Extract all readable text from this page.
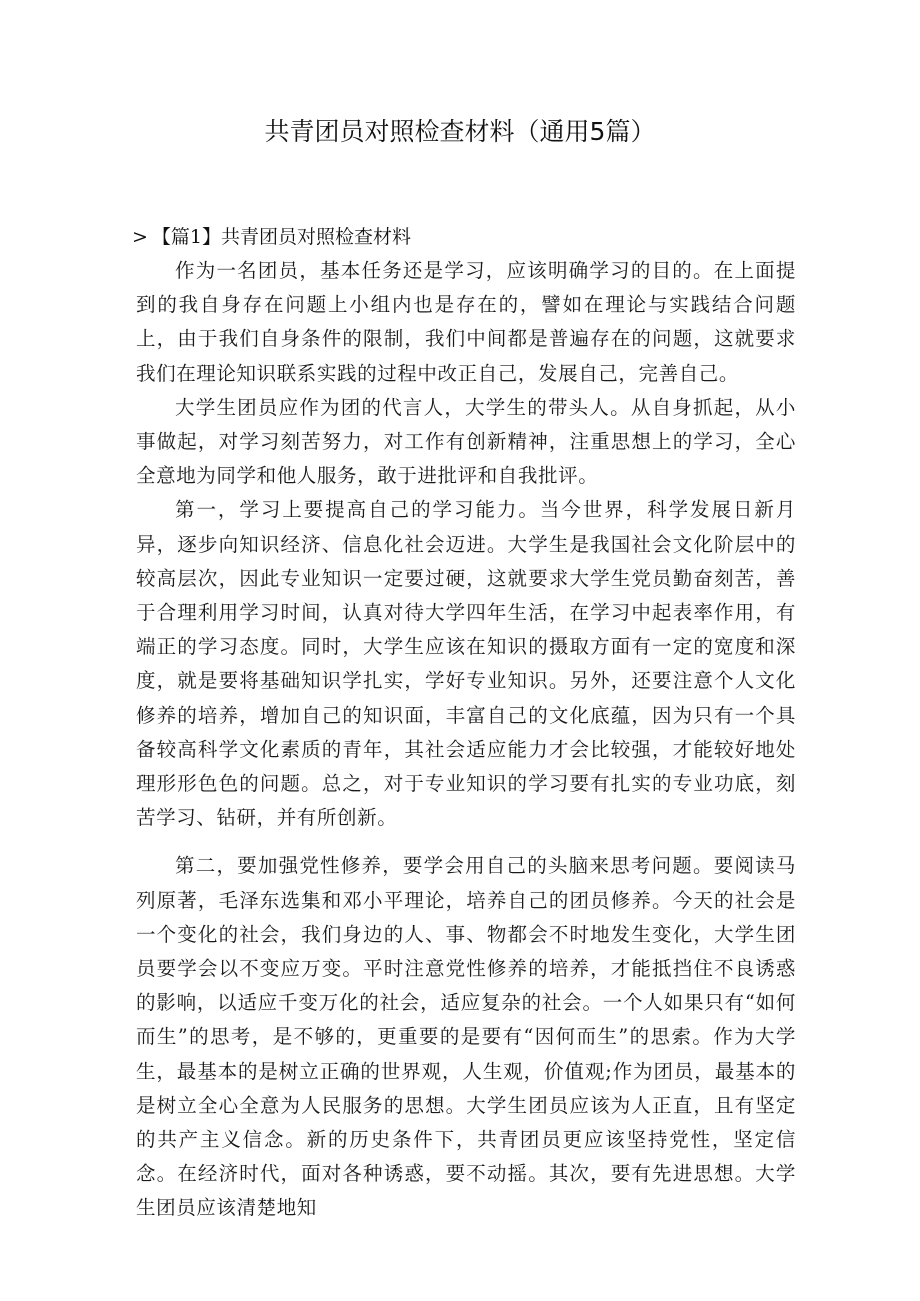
共青团员对照检查材料（通用5篇）
> 【篇1】共青团员对照检查材料

作为一名团员，基本任务还是学习，应该明确学习的目的。在上面提到的我自身存在问题上小组内也是存在的，譬如在理论与实践结合问题上，由于我们自身条件的限制，我们中间都是普遍存在的问题，这就要求我们在理论知识联系实践的过程中改正自己，发展自己，完善自己。

大学生团员应作为团的代言人，大学生的带头人。从自身抓起，从小事做起，对学习刻苦努力，对工作有创新精神，注重思想上的学习，全心全意地为同学和他人服务，敢于进批评和自我批评。

第一，学习上要提高自己的学习能力。当今世界，科学发展日新月异，逐步向知识经济、信息化社会迈进。大学生是我国社会文化阶层中的较高层次，因此专业知识一定要过硬，这就要求大学生党员勤奋刻苦，善于合理利用学习时间，认真对待大学四年生活，在学习中起表率作用，有端正的学习态度。同时，大学生应该在知识的摄取方面有一定的宽度和深度，就是要将基础知识学扎实，学好专业知识。另外，还要注意个人文化修养的培养，增加自己的知识面，丰富自己的文化底蕴，因为只有一个具备较高科学文化素质的青年，其社会适应能力才会比较强，才能较好地处理形形色色的问题。总之，对于专业知识的学习要有扎实的专业功底，刻苦学习、钻研，并有所创新。

第二，要加强党性修养，要学会用自己的头脑来思考问题。要阅读马列原著，毛泽东选集和邓小平理论，培养自己的团员修养。今天的社会是一个变化的社会，我们身边的人、事、物都会不时地发生变化，大学生团员要学会以不变应万变。平时注意党性修养的培养，才能抵挡住不良诱惑的影响，以适应千变万化的社会，适应复杂的社会。一个人如果只有“如何而生”的思考，是不够的，更重要的是要有“因何而生”的思索。作为大学生，最基本的是树立正确的世界观，人生观，价值观;作为团员，最基本的是树立全心全意为人民服务的思想。大学生团员应该为人正直，且有坚定的共产主义信念。新的历史条件下，共青团员更应该坚持党性，坚定信念。在经济时代，面对各种诱惑，要不动摇。其次，要有先进思想。大学生团员应该清楚地知
